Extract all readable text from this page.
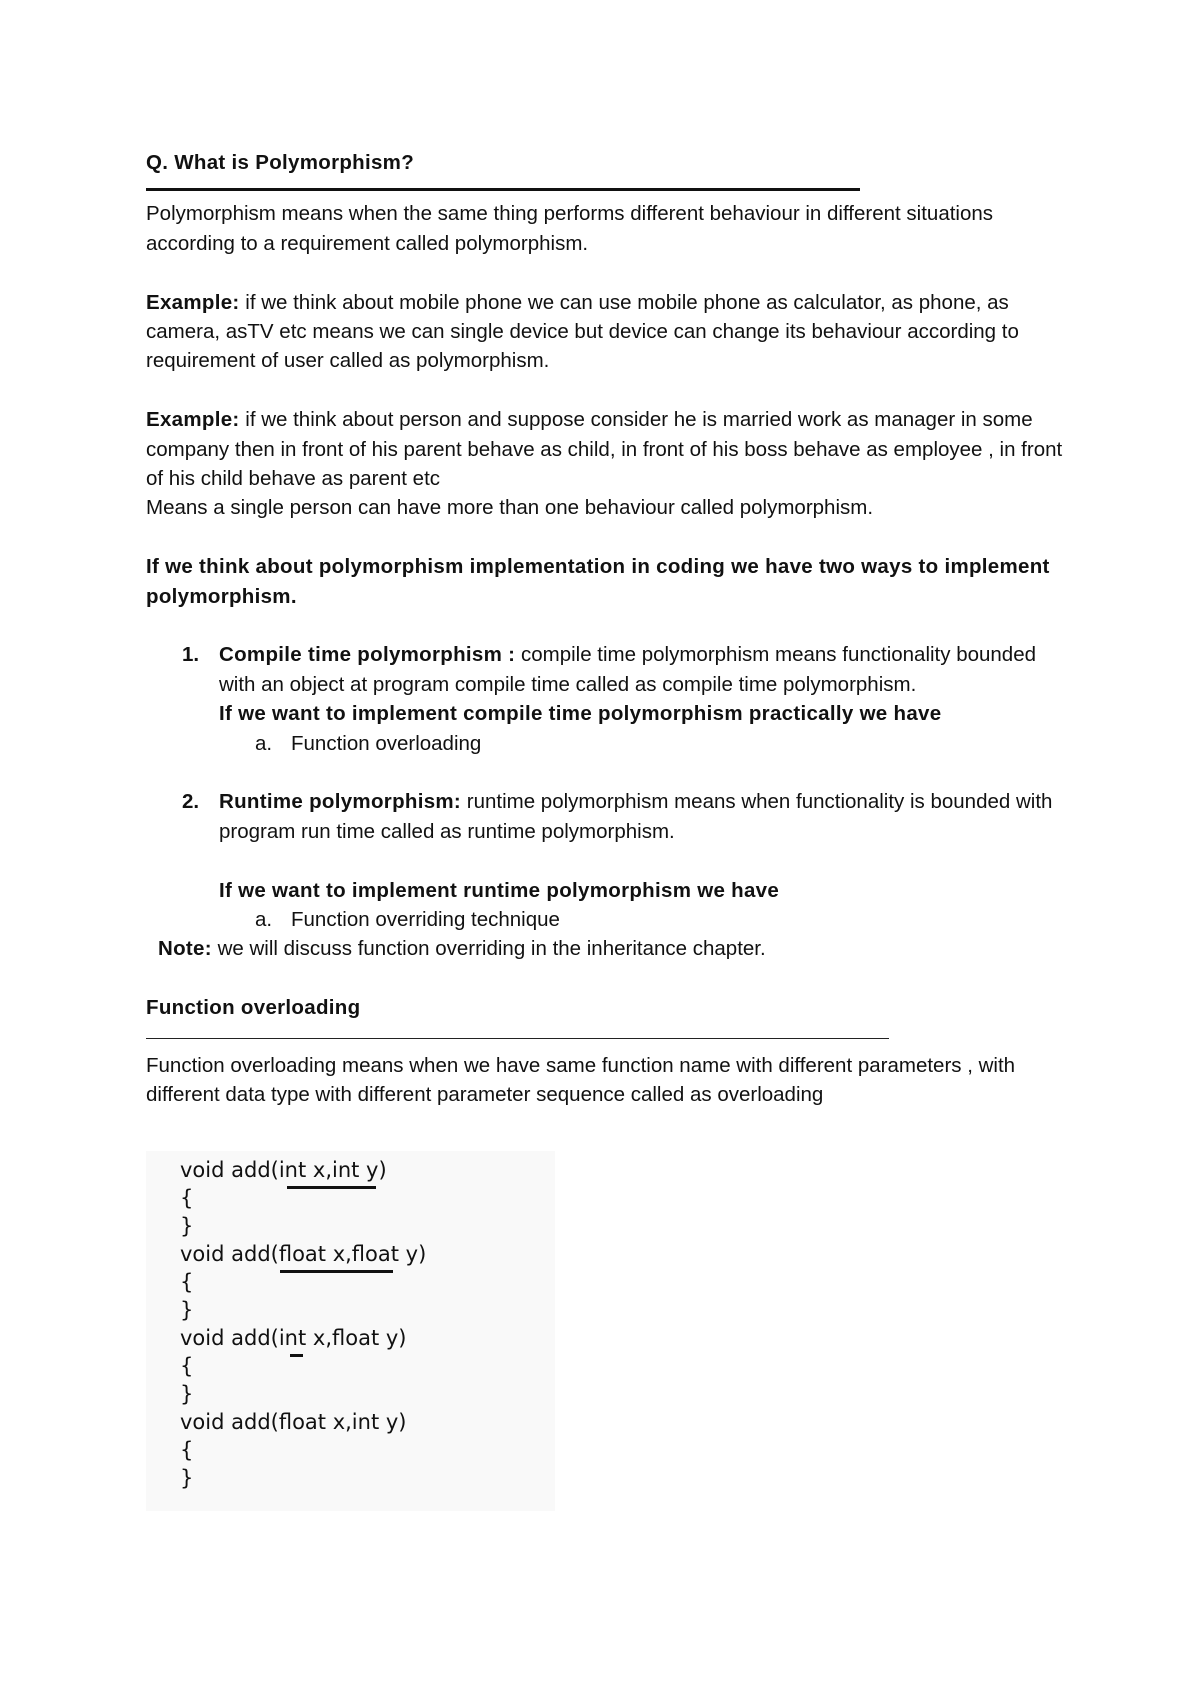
Q. What is Polymorphism?

Polymorphism means when the same thing performs different behaviour in different situations according to a requirement called polymorphism.

Example: if we think about mobile phone we can use mobile phone as calculator, as phone, as camera, asTV etc means we can single device but device can change its behaviour according to requirement of user called as polymorphism.

Example: if we think about person and suppose consider he is married work as manager in some company then in front of his parent behave as child, in front of his boss behave as employee , in front of his child behave as parent etc

Means a single person can have more than one behaviour called polymorphism.

If we think about polymorphism implementation in coding we have two ways to implement polymorphism.

1. Compile time polymorphism : compile time polymorphism means functionality bounded with an object at program compile time called as compile time polymorphism.

If we want to implement compile time polymorphism practically we have

a. Function overloading
2. Runtime polymorphism: runtime polymorphism means when functionality is bounded with program run time called as runtime polymorphism.

If we want to implement runtime polymorphism we have

a. Function overriding technique

Note: we will discuss function overriding in the inheritance chapter.

Function overloading

Function overloading means when we have same function name with different parameters , with different data type with different parameter sequence called as overloading

void add(int x,int y)
{
}
void add(float x,float y)
{
}
void add(int x,float y)
{
}
void add(float x,int y)
{
}
